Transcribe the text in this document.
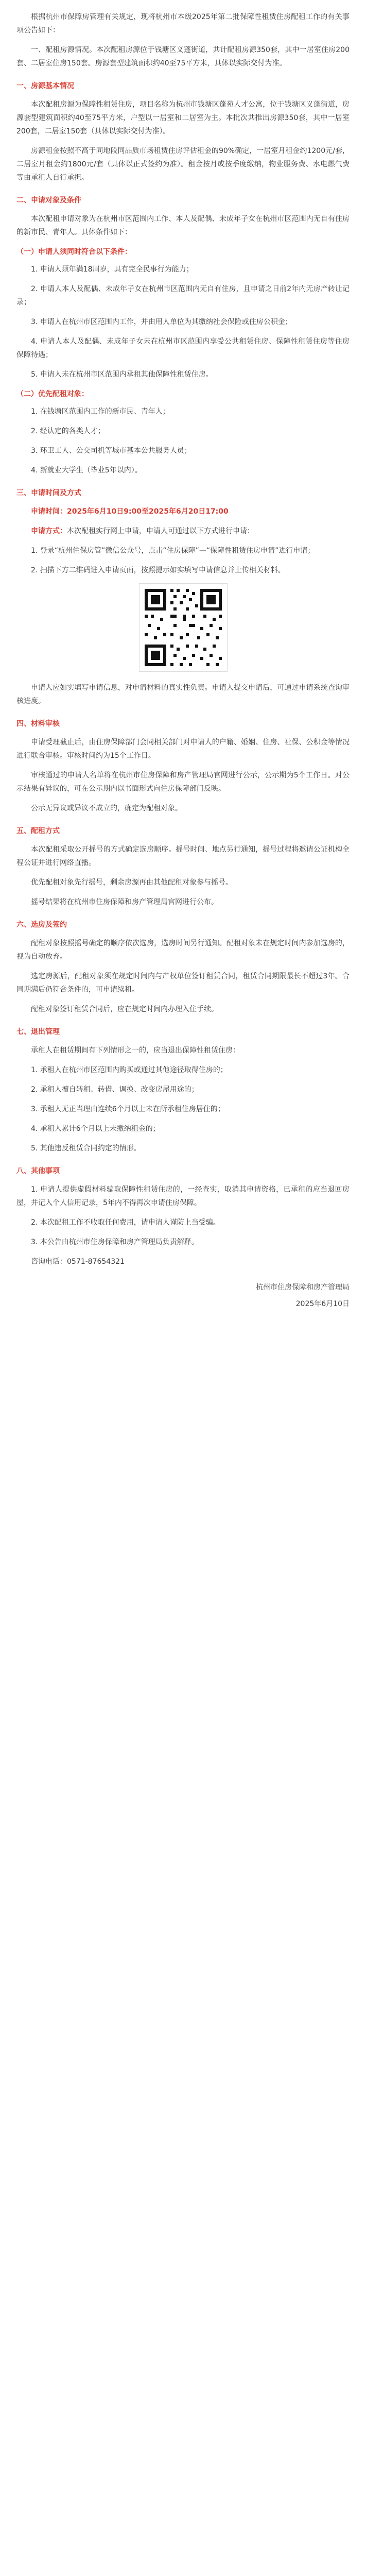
根据杭州市保障房管理有关规定，现将杭州市本级2025年第二批保障性租赁住房配租工作的有关事项公告如下：

一、配租房源情况。本次配租房源位于钱塘区义蓬街道，共计配租房源350套，其中一居室住房200套、二居室住房150套。房源套型建筑面积约40至75平方米，具体以实际交付为准。

一、房源基本情况

本次配租房源为保障性租赁住房，项目名称为杭州市钱塘区蓬苑人才公寓，位于钱塘区义蓬街道，房源套型建筑面积约40至75平方米，户型以一居室和二居室为主。本批次共推出房源350套，其中一居室200套，二居室150套（具体以实际交付为准）。

房源租金按照不高于同地段同品质市场租赁住房评估租金的90%确定，一居室月租金约1200元/套，二居室月租金约1800元/套（具体以正式签约为准）。租金按月或按季度缴纳，物业服务费、水电燃气费等由承租人自行承担。

二、申请对象及条件

本次配租申请对象为在杭州市区范围内工作、本人及配偶、未成年子女在杭州市区范围内无自有住房的新市民、青年人。具体条件如下：

（一）申请人须同时符合以下条件：

1. 申请人须年满18周岁，具有完全民事行为能力；

2. 申请人本人及配偶、未成年子女在杭州市区范围内无自有住房，且申请之日前2年内无房产转让记录；

3. 申请人在杭州市区范围内工作，并由用人单位为其缴纳社会保险或住房公积金；

4. 申请人本人及配偶、未成年子女未在杭州市区范围内享受公共租赁住房、保障性租赁住房等住房保障待遇；

5. 申请人未在杭州市区范围内承租其他保障性租赁住房。

（二）优先配租对象：

1. 在钱塘区范围内工作的新市民、青年人；

2. 经认定的各类人才；

3. 环卫工人、公交司机等城市基本公共服务人员；

4. 新就业大学生（毕业5年以内）。

三、申请时间及方式

申请时间：2025年6月10日9:00至2025年6月20日17:00

申请方式：本次配租实行网上申请，申请人可通过以下方式进行申请：

1. 登录“杭州住保房管”微信公众号，点击“住房保障”—“保障性租赁住房申请”进行申请；

2. 扫描下方二维码进入申请页面，按照提示如实填写申请信息并上传相关材料。

申请人应如实填写申请信息，对申请材料的真实性负责。申请人提交申请后，可通过申请系统查询审核进度。

四、材料审核

申请受理截止后，由住房保障部门会同相关部门对申请人的户籍、婚姻、住房、社保、公积金等情况进行联合审核。审核时间约为15个工作日。

审核通过的申请人名单将在杭州市住房保障和房产管理局官网进行公示，公示期为5个工作日。对公示结果有异议的，可在公示期内以书面形式向住房保障部门反映。

公示无异议或异议不成立的，确定为配租对象。

五、配租方式

本次配租采取公开摇号的方式确定选房顺序。摇号时间、地点另行通知，摇号过程将邀请公证机构全程公证并进行网络直播。

优先配租对象先行摇号，剩余房源再由其他配租对象参与摇号。

摇号结果将在杭州市住房保障和房产管理局官网进行公布。

六、选房及签约

配租对象按照摇号确定的顺序依次选房，选房时间另行通知。配租对象未在规定时间内参加选房的，视为自动放弃。

选定房源后，配租对象须在规定时间内与产权单位签订租赁合同，租赁合同期限最长不超过3年。合同期满后仍符合条件的，可申请续租。

配租对象签订租赁合同后，应在规定时间内办理入住手续。

七、退出管理

承租人在租赁期间有下列情形之一的，应当退出保障性租赁住房：

1. 承租人在杭州市区范围内购买或通过其他途径取得住房的；

2. 承租人擅自转租、转借、调换、改变房屋用途的；

3. 承租人无正当理由连续6个月以上未在所承租住房居住的；

4. 承租人累计6个月以上未缴纳租金的；

5. 其他违反租赁合同约定的情形。

八、其他事项

1. 申请人提供虚假材料骗取保障性租赁住房的，一经查实，取消其申请资格，已承租的应当退回房屋，并记入个人信用记录，5年内不得再次申请住房保障。

2. 本次配租工作不收取任何费用，请申请人谨防上当受骗。

3. 本公告由杭州市住房保障和房产管理局负责解释。

咨询电话：0571-87654321

杭州市住房保障和房产管理局

2025年6月10日
